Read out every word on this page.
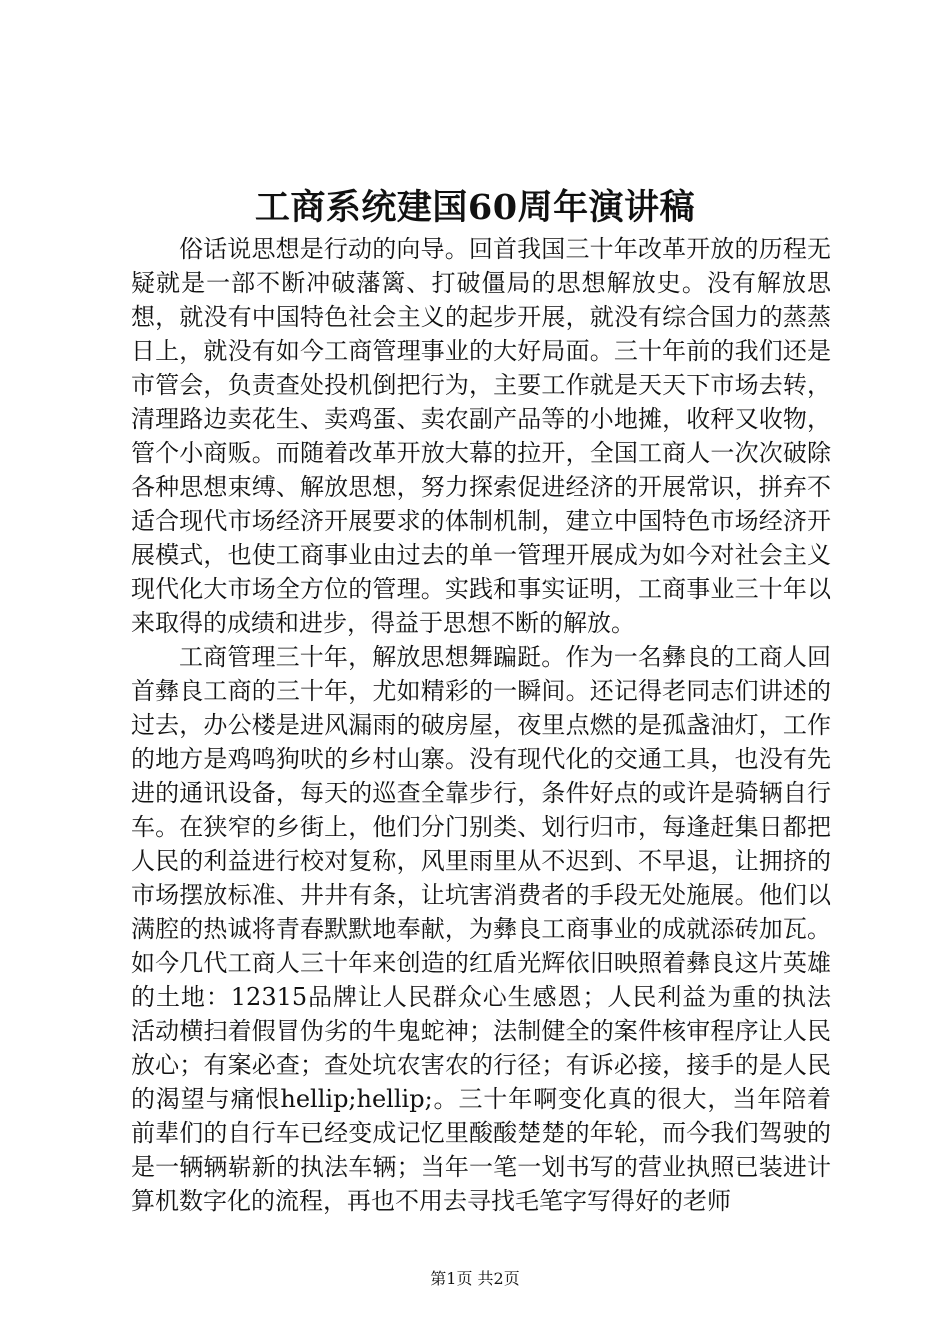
工商系统建国60周年演讲稿

俗话说思想是行动的向导。回首我国三十年改革开放的历程无疑就是一部不断冲破藩篱、打破僵局的思想解放史。没有解放思想，就没有中国特色社会主义的起步开展，就没有综合国力的蒸蒸日上，就没有如今工商管理事业的大好局面。三十年前的我们还是市管会，负责查处投机倒把行为，主要工作就是天天下市场去转，清理路边卖花生、卖鸡蛋、卖农副产品等的小地摊，收秤又收物，管个小商贩。而随着改革开放大幕的拉开，全国工商人一次次破除各种思想束缚、解放思想，努力探索促进经济的开展常识，拼弃不适合现代市场经济开展要求的体制机制，建立中国特色市场经济开展模式，也使工商事业由过去的单一管理开展成为如今对社会主义现代化大市场全方位的管理。实践和事实证明，工商事业三十年以来取得的成绩和进步，得益于思想不断的解放。

工商管理三十年，解放思想舞蹁跹。作为一名彝良的工商人回首彝良工商的三十年，尤如精彩的一瞬间。还记得老同志们讲述的过去，办公楼是进风漏雨的破房屋，夜里点燃的是孤盏油灯，工作的地方是鸡鸣狗吠的乡村山寨。没有现代化的交通工具，也没有先进的通讯设备，每天的巡查全靠步行，条件好点的或许是骑辆自行车。在狭窄的乡街上，他们分门别类、划行归市，每逢赶集日都把人民的利益进行校对复称，风里雨里从不迟到、不早退，让拥挤的市场摆放标准、井井有条，让坑害消费者的手段无处施展。他们以满腔的热诚将青春默默地奉献，为彝良工商事业的成就添砖加瓦。如今几代工商人三十年来创造的红盾光辉依旧映照着彝良这片英雄的土地：12315品牌让人民群众心生感恩；人民利益为重的执法活动横扫着假冒伪劣的牛鬼蛇神；法制健全的案件核审程序让人民放心；有案必查；查处坑农害农的行径；有诉必接，接手的是人民的渴望与痛恨hellip;hellip;。三十年啊变化真的很大，当年陪着前辈们的自行车已经变成记忆里酸酸楚楚的年轮，而今我们驾驶的是一辆辆崭新的执法车辆；当年一笔一划书写的营业执照已装进计算机数字化的流程，再也不用去寻找毛笔字写得好的老师

第1页 共2页
